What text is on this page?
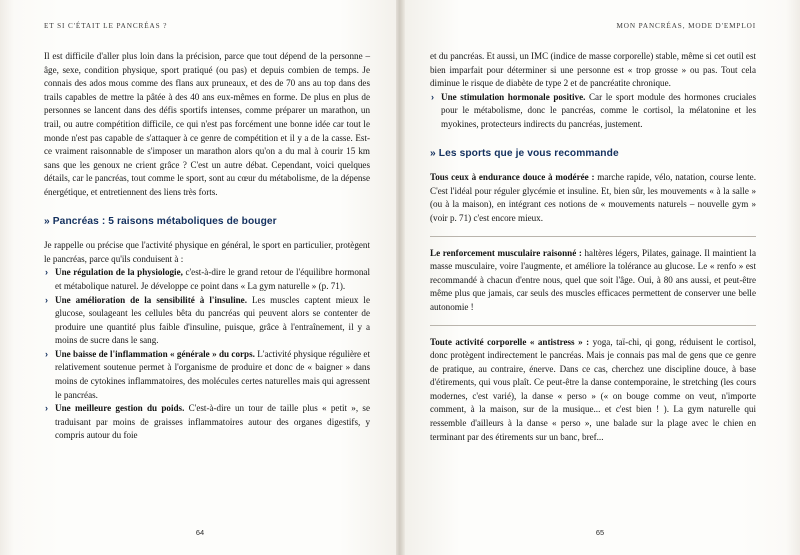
ET SI C'ÉTAIT LE PANCRÉAS ?

Il est difficile d'aller plus loin dans la précision, parce que tout dépend de la personne – âge, sexe, condition physique, sport pratiqué (ou pas) et depuis combien de temps. Je connais des ados mous comme des flans aux pruneaux, et des de 70 ans au top dans des trails capables de mettre la pâtée à des 40 ans eux-mêmes en forme. De plus en plus de personnes se lancent dans des défis sportifs intenses, comme préparer un marathon, un trail, ou autre compétition difficile, ce qui n'est pas forcément une bonne idée car tout le monde n'est pas capable de s'attaquer à ce genre de compétition et il y a de la casse. Est-ce vraiment raisonnable de s'imposer un marathon alors qu'on a du mal à courir 15 km sans que les genoux ne crient grâce ? C'est un autre débat. Cependant, voici quelques détails, car le pancréas, tout comme le sport, sont au cœur du métabolisme, de la dépense énergétique, et entretiennent des liens très forts.

» Pancréas : 5 raisons métaboliques de bouger

Je rappelle ou précise que l'activité physique en général, le sport en particulier, protègent le pancréas, parce qu'ils conduisent à :

› Une régulation de la physiologie, c'est-à-dire le grand retour de l'équilibre hormonal et métabolique naturel. Je développe ce point dans « La gym naturelle » (p. 71).
› Une amélioration de la sensibilité à l'insuline. Les muscles captent mieux le glucose, soulageant les cellules bêta du pancréas qui peuvent alors se contenter de produire une quantité plus faible d'insuline, puisque, grâce à l'entraînement, il y a moins de sucre dans le sang.
› Une baisse de l'inflammation « générale » du corps. L'activité physique régulière et relativement soutenue permet à l'organisme de produire et donc de « baigner » dans moins de cytokines inflammatoires, des molécules certes naturelles mais qui agressent le pancréas.
› Une meilleure gestion du poids. C'est-à-dire un tour de taille plus « petit », se traduisant par moins de graisses inflammatoires autour des organes digestifs, y compris autour du foie
64
MON PANCRÉAS, MODE D'EMPLOI

et du pancréas. Et aussi, un IMC (indice de masse corporelle) stable, même si cet outil est bien imparfait pour déterminer si une personne est « trop grosse » ou pas. Tout cela diminue le risque de diabète de type 2 et de pancréatite chronique.

› Une stimulation hormonale positive. Car le sport module des hormones cruciales pour le métabolisme, donc le pancréas, comme le cortisol, la mélatonine et les myokines, protecteurs indirects du pancréas, justement.
» Les sports que je vous recommande

Tous ceux à endurance douce à modérée : marche rapide, vélo, natation, course lente. C'est l'idéal pour réguler glycémie et insuline. Et, bien sûr, les mouvements « à la salle » (ou à la maison), en intégrant ces notions de « mouvements naturels – nouvelle gym » (voir p. 71) c'est encore mieux.

Le renforcement musculaire raisonné : haltères légers, Pilates, gainage. Il maintient la masse musculaire, voire l'augmente, et améliore la tolérance au glucose. Le « renfo » est recommandé à chacun d'entre nous, quel que soit l'âge. Oui, à 80 ans aussi, et peut-être même plus que jamais, car seuls des muscles efficaces permettent de conserver une belle autonomie !

Toute activité corporelle « antistress » : yoga, taï-chi, qi gong, réduisent le cortisol, donc protègent indirectement le pancréas. Mais je connais pas mal de gens que ce genre de pratique, au contraire, énerve. Dans ce cas, cherchez une discipline douce, à base d'étirements, qui vous plaît. Ce peut-être la danse contemporaine, le stretching (les cours modernes, c'est varié), la danse « perso » (« on bouge comme on veut, n'importe comment, à la maison, sur de la musique... et c'est bien ! ). La gym naturelle qui ressemble d'ailleurs à la danse « perso », une balade sur la plage avec le chien en terminant par des étirements sur un banc, bref...

65
